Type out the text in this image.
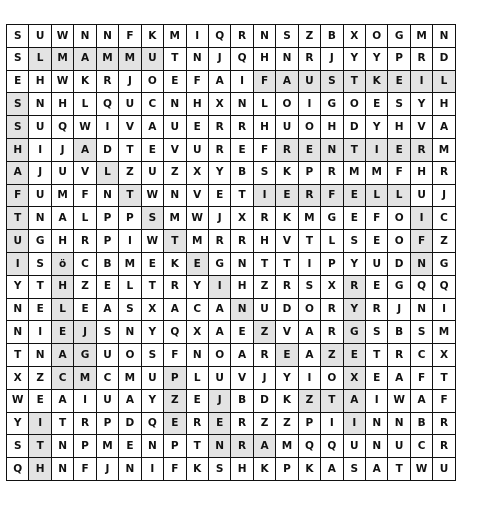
S	U	W	N	N	F	K	M	I	Q	R	N	S	Z	B	X	O	G	M	N
S	L	M	A	M	M	U	T	N	J	Q	H	N	R	J	Y	Y	P	R	D
E	H	W	K	R	J	O	E	F	A	I	F	A	U	S	T	K	E	I	L
S	N	H	L	Q	U	C	N	H	X	N	L	O	I	G	O	E	S	Y	H
S	U	Q	W	I	V	A	U	E	R	R	H	U	O	H	D	Y	H	V	A
H	I	J	A	D	T	E	V	U	R	E	F	R	E	N	T	I	E	R	M
A	J	U	V	L	Z	U	Z	X	Y	B	S	K	P	R	M	M	F	H	R
F	U	M	F	N	T	W	N	V	E	T	I	E	R	F	E	L	L	U	J
T	N	A	L	P	P	S	M	W	J	X	R	K	M	G	E	F	O	I	C
U	G	H	R	P	I	W	T	M	R	R	H	V	T	L	S	E	O	F	Z
I	S	ö	C	B	M	E	K	E	G	N	T	T	I	P	Y	U	D	N	G
Y	T	H	Z	E	L	T	R	Y	I	H	Z	R	S	X	R	E	G	Q	Q
N	E	L	E	A	S	X	A	C	A	N	U	D	O	R	Y	R	J	N	I
N	I	E	J	S	N	Y	Q	X	A	E	Z	V	A	R	G	S	B	S	M
T	N	A	G	U	O	S	F	N	O	A	R	E	A	Z	E	T	R	C	X
X	Z	C	M	C	M	U	P	L	U	V	J	Y	I	O	X	E	A	F	T
W	E	A	I	U	A	Y	Z	E	J	B	D	K	Z	T	A	I	W	A	F
Y	I	T	R	P	D	Q	E	R	E	R	Z	Z	P	I	I	N	N	B	R
S	T	N	P	M	E	N	P	T	N	R	A	M	Q	Q	U	N	U	C	R
Q	H	N	F	J	N	I	F	K	S	H	K	P	K	A	S	A	T	W	U
